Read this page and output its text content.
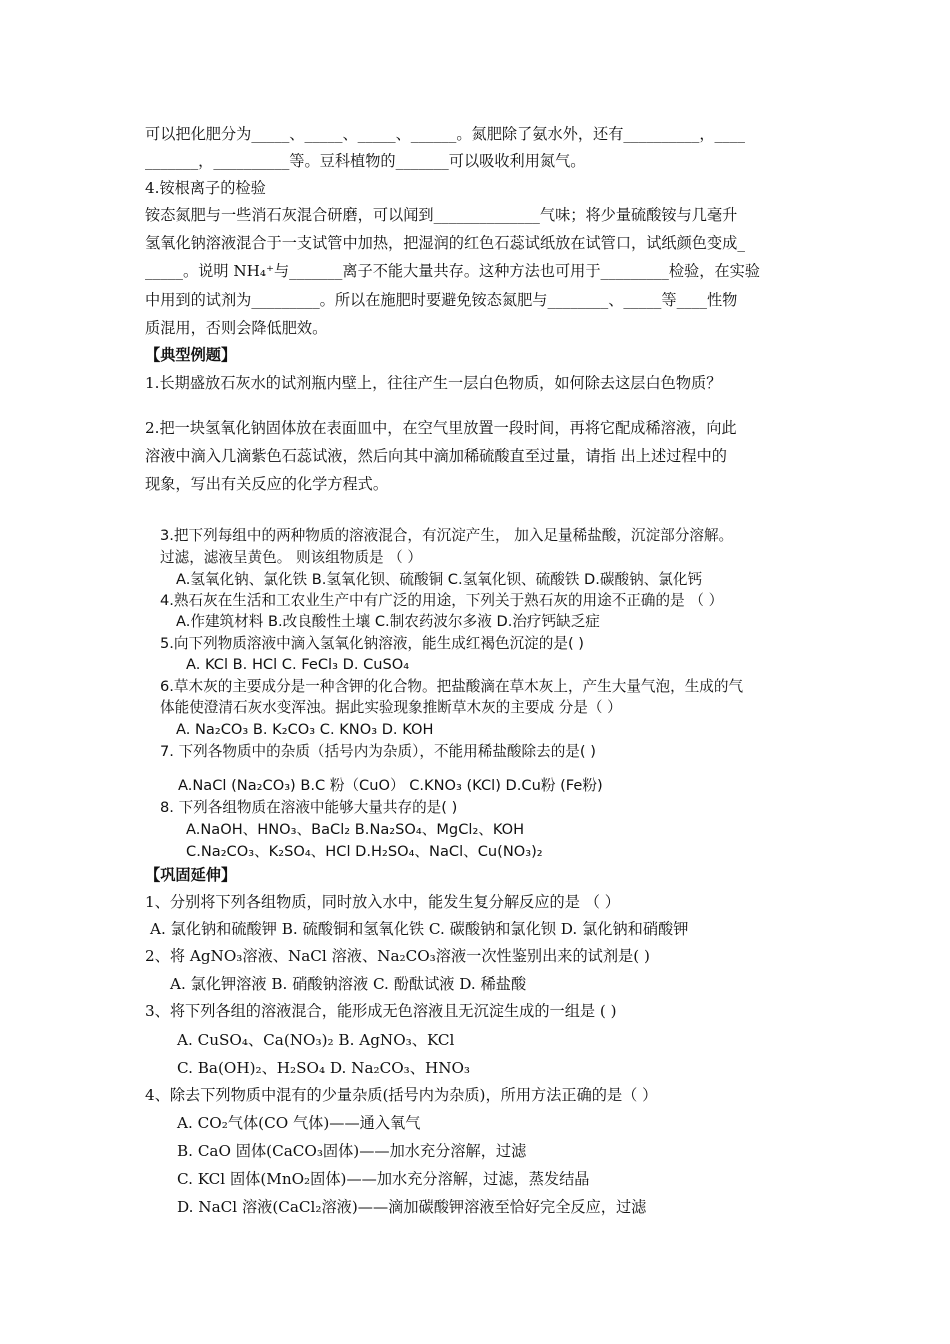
可以把化肥分为_____、_____、_____、______。氮肥除了氨水外，还有__________，____
_______，__________等。豆科植物的_______可以吸收利用氮气。
4.铵根离子的检验
铵态氮肥与一些消石灰混合研磨，可以闻到______________气味；将少量硫酸铵与几毫升
氢氧化钠溶液混合于一支试管中加热，把湿润的红色石蕊试纸放在试管口，试纸颜色变成_
_____。说明 NH₄⁺与_______离子不能大量共存。这种方法也可用于_________检验，在实验
中用到的试剂为_________。所以在施肥时要避免铵态氮肥与________、_____等____性物
质混用，否则会降低肥效。
【典型例题】
1.长期盛放石灰水的试剂瓶内壁上，往往产生一层白色物质，如何除去这层白色物质？
2.把一块氢氧化钠固体放在表面皿中，在空气里放置一段时间，再将它配成稀溶液，向此
溶液中滴入几滴紫色石蕊试液，然后向其中滴加稀硫酸直至过量，请指 出上述过程中的
现象，写出有关反应的化学方程式。
3.把下列每组中的两种物质的溶液混合，有沉淀产生， 加入足量稀盐酸，沉淀部分溶解。
过滤，滤液呈黄色。 则该组物质是 （ ）
A.氢氧化钠、氯化铁 B.氢氧化钡、硫酸铜 C.氢氧化钡、硫酸铁 D.碳酸钠、氯化钙
4.熟石灰在生活和工农业生产中有广泛的用途，下列关于熟石灰的用途不正确的是 （ ）
A.作建筑材料 B.改良酸性土壤 C.制农药波尔多液 D.治疗钙缺乏症
5.向下列物质溶液中滴入氢氧化钠溶液，能生成红褐色沉淀的是( )
A. KCl B. HCl C. FeCl₃ D. CuSO₄
6.草木灰的主要成分是一种含钾的化合物。把盐酸滴在草木灰上，产生大量气泡，生成的气
体能使澄清石灰水变浑浊。据此实验现象推断草木灰的主要成 分是（ ）
A. Na₂CO₃ B. K₂CO₃ C. KNO₃ D. KOH
7. 下列各物质中的杂质（括号内为杂质），不能用稀盐酸除去的是( )
A.NaCl (Na₂CO₃) B.C 粉（CuO） C.KNO₃ (KCl) D.Cu粉 (Fe粉)
8. 下列各组物质在溶液中能够大量共存的是( )
A.NaOH、HNO₃、BaCl₂ B.Na₂SO₄、MgCl₂、KOH
C.Na₂CO₃、K₂SO₄、HCl D.H₂SO₄、NaCl、Cu(NO₃)₂
【巩固延伸】
1、分别将下列各组物质，同时放入水中，能发生复分解反应的是 （ ）
A. 氯化钠和硫酸钾 B. 硫酸铜和氢氧化铁 C. 碳酸钠和氯化钡 D. 氯化钠和硝酸钾
2、将 AgNO₃溶液、NaCl 溶液、Na₂CO₃溶液一次性鉴别出来的试剂是( )
A. 氯化钾溶液 B. 硝酸钠溶液 C. 酚酞试液 D. 稀盐酸
3、将下列各组的溶液混合，能形成无色溶液且无沉淀生成的一组是 ( )
A. CuSO₄、Ca(NO₃)₂ B. AgNO₃、KCl
C. Ba(OH)₂、H₂SO₄ D. Na₂CO₃、HNO₃
4、除去下列物质中混有的少量杂质(括号内为杂质)，所用方法正确的是（ ）
A. CO₂气体(CO 气体)——通入氧气
B. CaO 固体(CaCO₃固体)——加水充分溶解，过滤
C. KCl 固体(MnO₂固体)——加水充分溶解，过滤，蒸发结晶
D. NaCl 溶液(CaCl₂溶液)——滴加碳酸钾溶液至恰好完全反应，过滤
